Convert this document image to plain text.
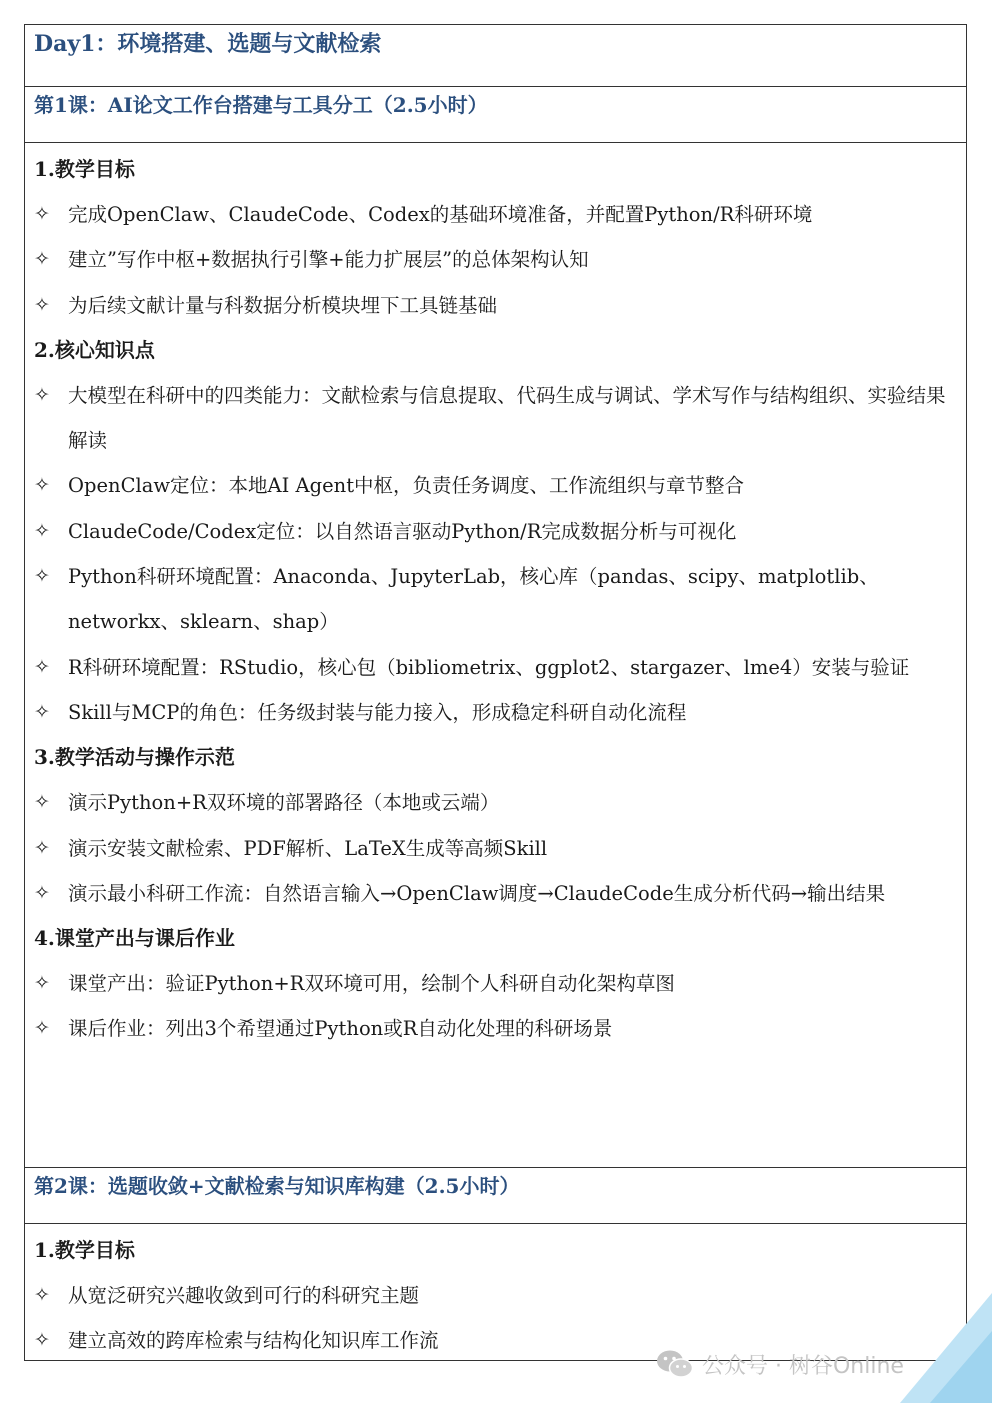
Day1：环境搭建、选题与文献检索
第1课：AI论文工作台搭建与工具分工（2.5小时）
1.教学目标
✧ 完成OpenClaw、ClaudeCode、Codex的基础环境准备，并配置Python/R科研环境
✧ 建立”写作中枢+数据执行引擎+能力扩展层”的总体架构认知
✧ 为后续文献计量与科数据分析模块埋下工具链基础
2.核心知识点
✧ 大模型在科研中的四类能力：文献检索与信息提取、代码生成与调试、学术写作与结构组织、实验结果解读
✧ OpenClaw定位：本地AI Agent中枢，负责任务调度、工作流组织与章节整合
✧ ClaudeCode/Codex定位：以自然语言驱动Python/R完成数据分析与可视化
✧ Python科研环境配置：Anaconda、JupyterLab，核心库（pandas、scipy、matplotlib、networkx、sklearn、shap）
✧ R科研环境配置：RStudio，核心包（bibliometrix、ggplot2、stargazer、lme4）安装与验证
✧ Skill与MCP的角色：任务级封装与能力接入，形成稳定科研自动化流程
3.教学活动与操作示范
✧ 演示Python+R双环境的部署路径（本地或云端）
✧ 演示安装文献检索、PDF解析、LaTeX生成等高频Skill
✧ 演示最小科研工作流：自然语言输入→OpenClaw调度→ClaudeCode生成分析代码→输出结果
4.课堂产出与课后作业
✧ 课堂产出：验证Python+R双环境可用，绘制个人科研自动化架构草图
✧ 课后作业：列出3个希望通过Python或R自动化处理的科研场景
第2课：选题收敛+文献检索与知识库构建（2.5小时）
1.教学目标
✧ 从宽泛研究兴趣收敛到可行的科研究主题
✧ 建立高效的跨库检索与结构化知识库工作流
公众号 · 树谷Online
